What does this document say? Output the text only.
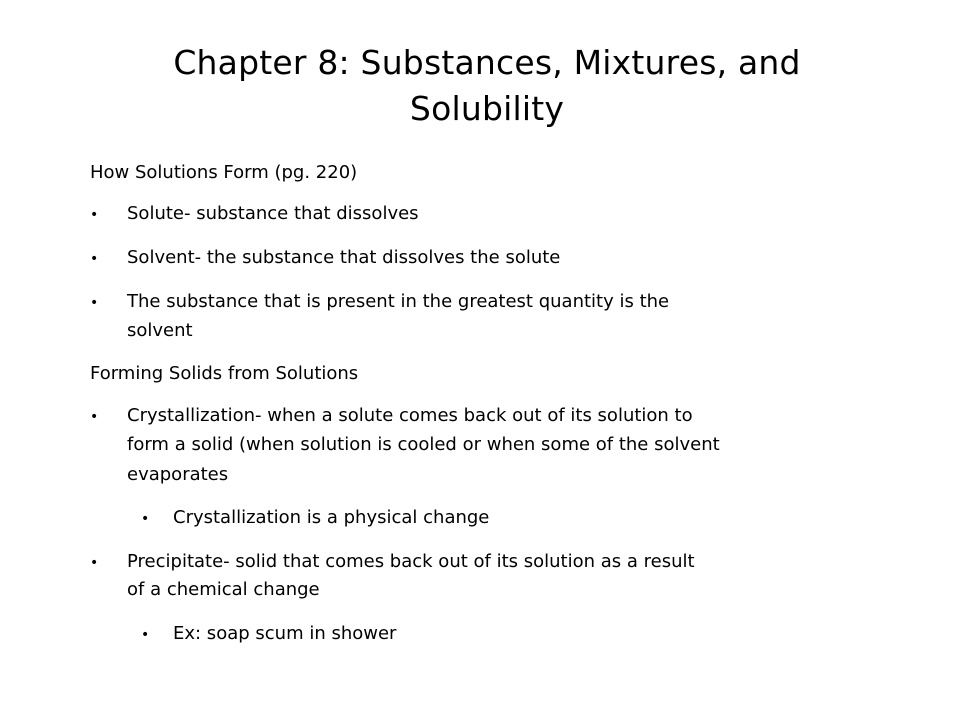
Chapter 8: Substances, Mixtures, and
Solubility
How Solutions Form (pg. 220)
• Solute- substance that dissolves
• Solvent- the substance that dissolves the solute
• The substance that is present in the greatest quantity is the
solvent
Forming Solids from Solutions
• Crystallization- when a solute comes back out of its solution to
form a solid (when solution is cooled or when some of the solvent
evaporates
• Crystallization is a physical change
• Precipitate- solid that comes back out of its solution as a result
of a chemical change
• Ex: soap scum in shower
